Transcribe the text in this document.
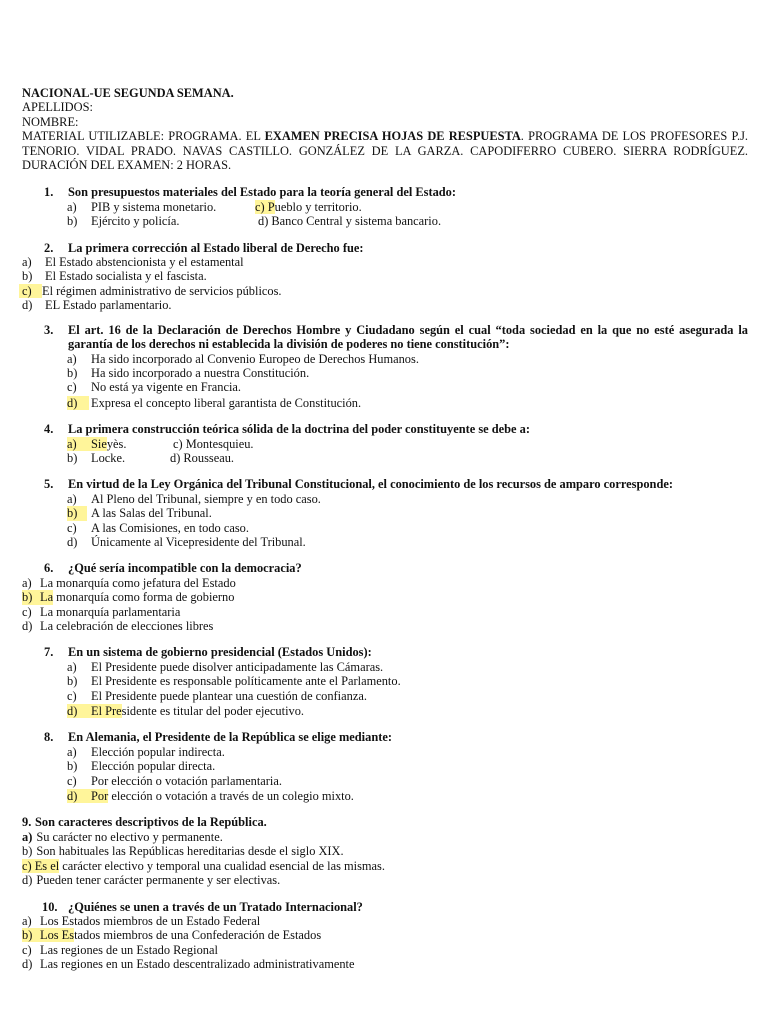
NACIONAL-UE SEGUNDA SEMANA.
APELLIDOS:
NOMBRE:
MATERIAL UTILIZABLE: PROGRAMA. EL EXAMEN PRECISA HOJAS DE RESPUESTA. PROGRAMA DE LOS PROFESORES P.J. TENORIO. VIDAL PRADO. NAVAS CASTILLO. GONZÁLEZ DE LA GARZA. CAPODIFERRO CUBERO. SIERRA RODRÍGUEZ. DURACIÓN DEL EXAMEN: 2 HORAS.
1.	Son presupuestos materiales del Estado para la teoría general del Estado:
a) PIB y sistema monetario.	c) Pueblo y territorio.
b) Ejército y policía.	d) Banco Central y sistema bancario.
2.	La primera corrección al Estado liberal de Derecho fue:
a) El Estado abstencionista y el estamental
b) El Estado socialista y el fascista.
c) El régimen administrativo de servicios públicos.
d) EL Estado parlamentario.
3.	El art. 16 de la Declaración de Derechos Hombre y Ciudadano según el cual “toda sociedad en la que no esté asegurada la garantía de los derechos ni establecida la división de poderes no tiene constitución”:
a) Ha sido incorporado al Convenio Europeo de Derechos Humanos.
b) Ha sido incorporado a nuestra Constitución.
c) No está ya vigente en Francia.
d) Expresa el concepto liberal garantista de Constitución.
4.	La primera construcción teórica sólida de la doctrina del poder constituyente se debe a:
a) Sieyès.	c) Montesquieu.
b) Locke.	d) Rousseau.
5.	En virtud de la Ley Orgánica del Tribunal Constitucional, el conocimiento de los recursos de amparo corresponde:
a) Al Pleno del Tribunal, siempre y en todo caso.
b) A las Salas del Tribunal.
c) A las Comisiones, en todo caso.
d) Únicamente al Vicepresidente del Tribunal.
6.	¿Qué sería incompatible con la democracia?
a) La monarquía como jefatura del Estado
b) La monarquía como forma de gobierno
c) La monarquía parlamentaria
d) La celebración de elecciones libres
7.	En un sistema de gobierno presidencial (Estados Unidos):
a) El Presidente puede disolver anticipadamente las Cámaras.
b) El Presidente es responsable políticamente ante el Parlamento.
c) El Presidente puede plantear una cuestión de confianza.
d) El Presidente es titular del poder ejecutivo.
8.	En Alemania, el Presidente de la República se elige mediante:
a) Elección popular indirecta.
b) Elección popular directa.
c) Por elección o votación parlamentaria.
d) Por elección o votación a través de un colegio mixto.
9. Son caracteres descriptivos de la República.
a) Su carácter no electivo y permanente.
b) Son habituales las Repúblicas hereditarias desde el siglo XIX.
c) Es el carácter electivo y temporal una cualidad esencial de las mismas.
d) Pueden tener carácter permanente y ser electivas.
10. ¿Quiénes se unen a través de un Tratado Internacional?
a) Los Estados miembros de un Estado Federal
b) Los Estados miembros de una Confederación de Estados
c) Las regiones de un Estado Regional
d) Las regiones en un Estado descentralizado administrativamente
